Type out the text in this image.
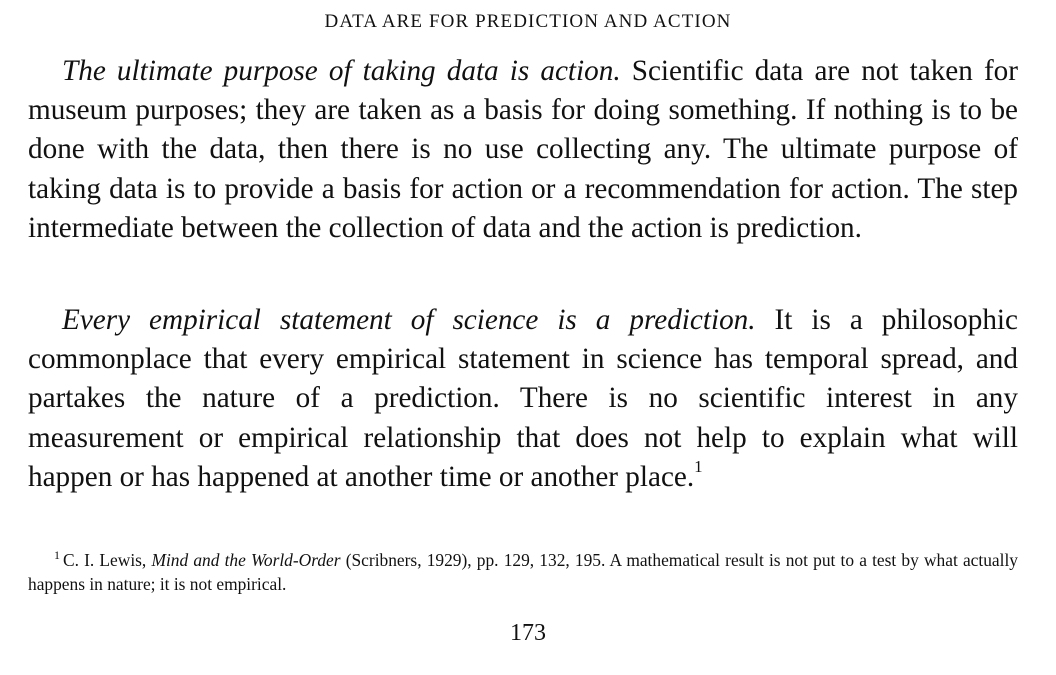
DATA ARE FOR PREDICTION AND ACTION

The ultimate purpose of taking data is action. Scientific data are not taken for museum purposes; they are taken as a basis for doing something. If nothing is to be done with the data, then there is no use collecting any. The ultimate purpose of taking data is to provide a basis for action or a recommendation for action. The step intermediate between the collection of data and the action is prediction.

Every empirical statement of science is a prediction. It is a philosophic commonplace that every empirical statement in science has temporal spread, and partakes the nature of a prediction. There is no scientific interest in any measurement or empirical relationship that does not help to explain what will happen or has happened at another time or another place.$^1$

$^1$ C. I. Lewis, Mind and the World-Order (Scribners, 1929), pp. 129, 132, 195. A mathematical result is not put to a test by what actually happens in nature; it is not empirical.

173
